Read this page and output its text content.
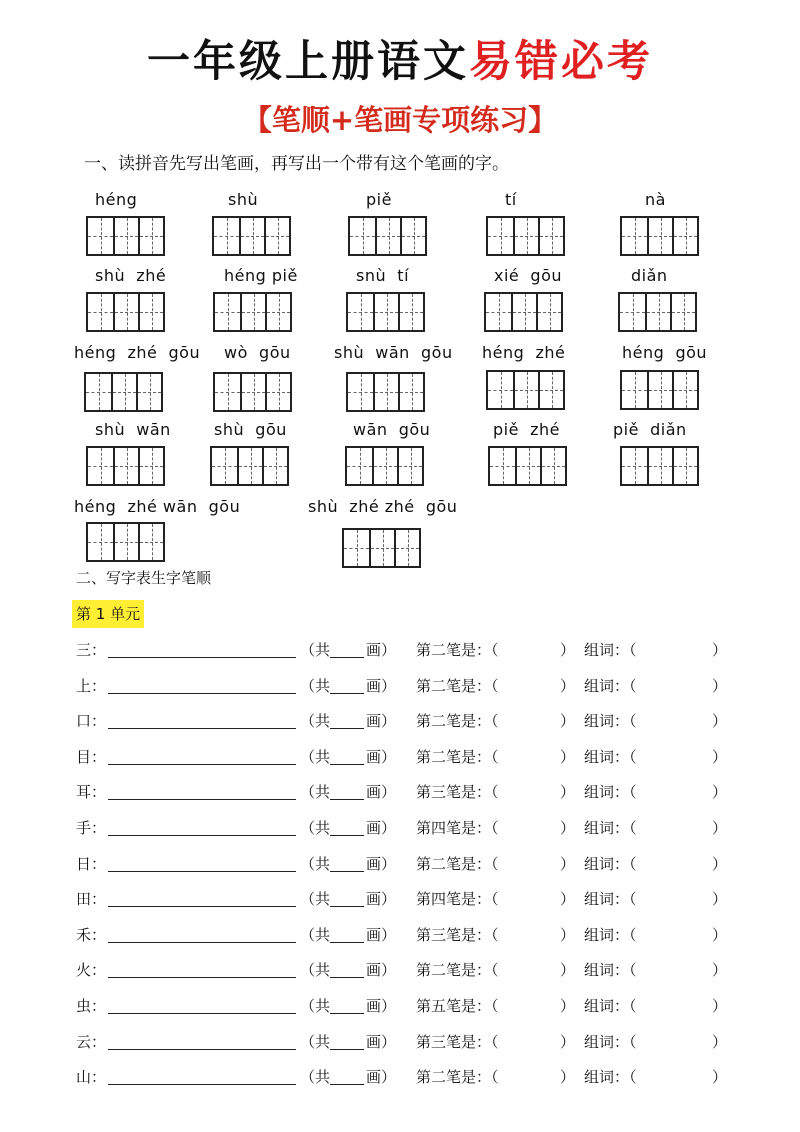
一年级上册语文易错必考
【笔顺+笔画专项练习】
一、读拼音先写出笔画，再写出一个带有这个笔画的字。
héng	shù	piě	tí	nà
shù  zhé	héng piě	snù  tí	xié  gōu	diǎn
héng  zhé  gōu wò  gōu	shù  wān  gōu héng  zhé	héng  gōu
shù  wān	shù  gōu	wān  gōu	piě  zhé	piě  diǎn
héng  zhé wān  gōu	shù  zhé zhé  gōu
二、写字表生字笔顺
第 1 单元
三：	（共 画） 第二 笔是：（	） 组词：（	）
上：	（共 画） 第二 笔是：（	） 组词：（	）
口：	（共 画） 第二 笔是：（	） 组词：（	）
目：	（共 画） 第二 笔是：（	） 组词：（	）
耳：	（共 画） 第三 笔是：（	） 组词：（	）
手：	（共 画） 第四 笔是：（	） 组词：（	）
日：	（共 画） 第二 笔是：（	） 组词：（	）
田：	（共 画） 第四 笔是：（	） 组词：（	）
禾：	（共 画） 第三 笔是：（	） 组词：（	）
火：	（共 画） 第二 笔是：（	） 组词：（	）
虫：	（共 画） 第五 笔是：（	） 组词：（	）
云：	（共 画） 第三 笔是：（	） 组词：（	）
山：	（共 画） 第二 笔是：（	） 组词：（	）
